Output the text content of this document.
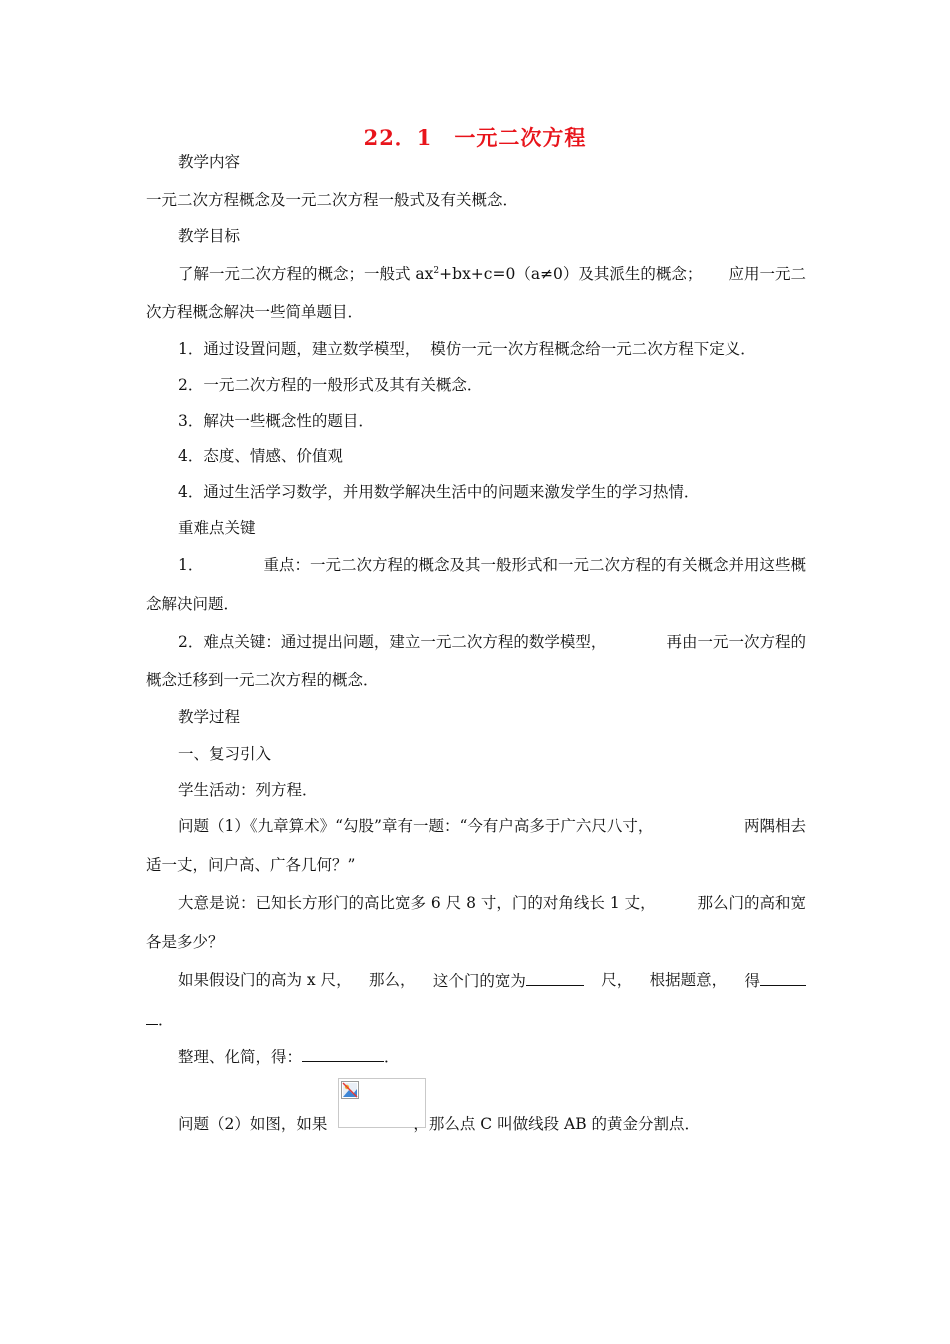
22．1　一元二次方程
教学内容
一元二次方程概念及一元二次方程一般式及有关概念．
教学目标
了解一元二次方程的概念；一般式 $ax^2+bx+c=0(a\ne 0)$及其派生的概念； 应用一元二
次方程概念解决一些简单题目．
1．通过设置问题，建立数学模型， 模仿一元一次方程概念给一元二次方程下定义．
2．一元二次方程的一般形式及其有关概念．
3．解决一些概念性的题目．
4．态度、情感、价值观
4．通过生活学习数学，并用数学解决生活中的问题来激发学生的学习热情．
重难点关键
1．	重点：一元二次方程的概念及其一般形式和一元二次方程的有关概念并用这些概
念解决问题．
2．难点关键：通过提出问题，建立一元二次方程的数学模型，	再由一元一次方程的
概念迁移到一元二次方程的概念．
教学过程
一、复习引入
学生活动：列方程．
问题（1）《九章算术》“勾股”章有一题：“今有户高多于广六尺八寸，	两隅相去
适一丈，问户高、广各几何？”
大意是说：已知长方形门的高比宽多 6 尺 8 寸，门的对角线长 1 丈，	那么门的高和宽
各是多少？
如果假设门的高为 x 尺， 那么， 这个门的宽为	尺， 根据题意， 得
．
整理、化简，得：	．
问题（2）如图，如果	，那么点 C 叫做线段 AB 的黄金分割点．
